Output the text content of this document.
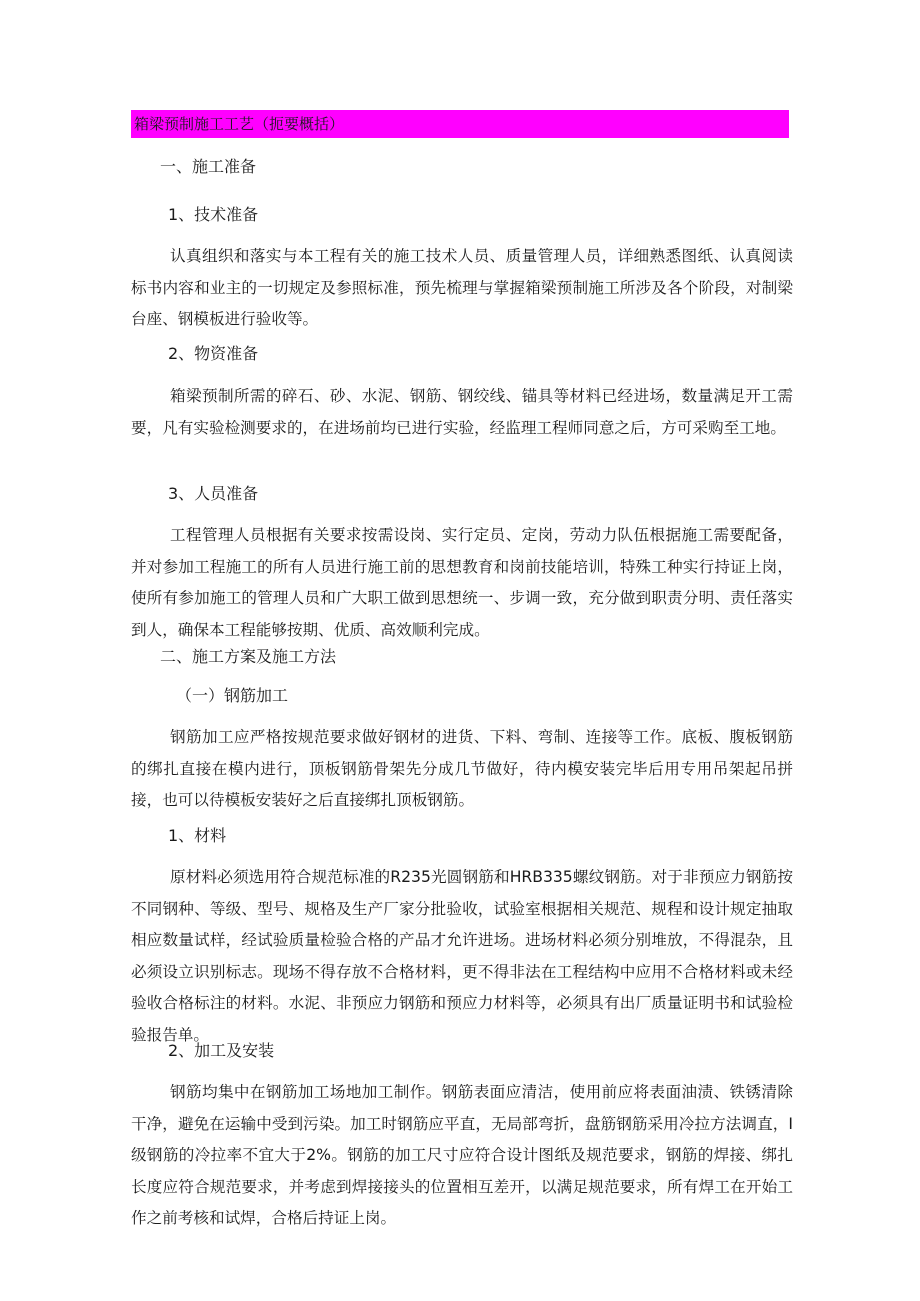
箱梁预制施工工艺（扼要概括）
一、施工准备
1、技术准备
认真组织和落实与本工程有关的施工技术人员、质量管理人员，详细熟悉图纸、认真阅读标书内容和业主的一切规定及参照标准，预先梳理与掌握箱梁预制施工所涉及各个阶段，对制梁台座、钢模板进行验收等。
2、物资准备
箱梁预制所需的碎石、砂、水泥、钢筋、钢绞线、锚具等材料已经进场，数量满足开工需要，凡有实验检测要求的，在进场前均已进行实验，经监理工程师同意之后，方可采购至工地。
3、人员准备
工程管理人员根据有关要求按需设岗、实行定员、定岗，劳动力队伍根据施工需要配备，并对参加工程施工的所有人员进行施工前的思想教育和岗前技能培训，特殊工种实行持证上岗，使所有参加施工的管理人员和广大职工做到思想统一、步调一致，充分做到职责分明、责任落实到人，确保本工程能够按期、优质、高效顺利完成。
二、施工方案及施工方法
（一）钢筋加工
钢筋加工应严格按规范要求做好钢材的进货、下料、弯制、连接等工作。底板、腹板钢筋的绑扎直接在模内进行，顶板钢筋骨架先分成几节做好，待内模安装完毕后用专用吊架起吊拼接，也可以待模板安装好之后直接绑扎顶板钢筋。
1、材料
原材料必须选用符合规范标准的R235光圆钢筋和HRB335螺纹钢筋。对于非预应力钢筋按不同钢种、等级、型号、规格及生产厂家分批验收，试验室根据相关规范、规程和设计规定抽取相应数量试样，经试验质量检验合格的产品才允许进场。进场材料必须分别堆放，不得混杂，且必须设立识别标志。现场不得存放不合格材料，更不得非法在工程结构中应用不合格材料或未经验收合格标注的材料。水泥、非预应力钢筋和预应力材料等，必须具有出厂质量证明书和试验检验报告单。
2、加工及安装
钢筋均集中在钢筋加工场地加工制作。钢筋表面应清洁，使用前应将表面油渍、铁锈清除干净，避免在运输中受到污染。加工时钢筋应平直，无局部弯折，盘筋钢筋采用冷拉方法调直，I级钢筋的冷拉率不宜大于2%。钢筋的加工尺寸应符合设计图纸及规范要求，钢筋的焊接、绑扎长度应符合规范要求，并考虑到焊接接头的位置相互差开，以满足规范要求，所有焊工在开始工作之前考核和试焊，合格后持证上岗。
